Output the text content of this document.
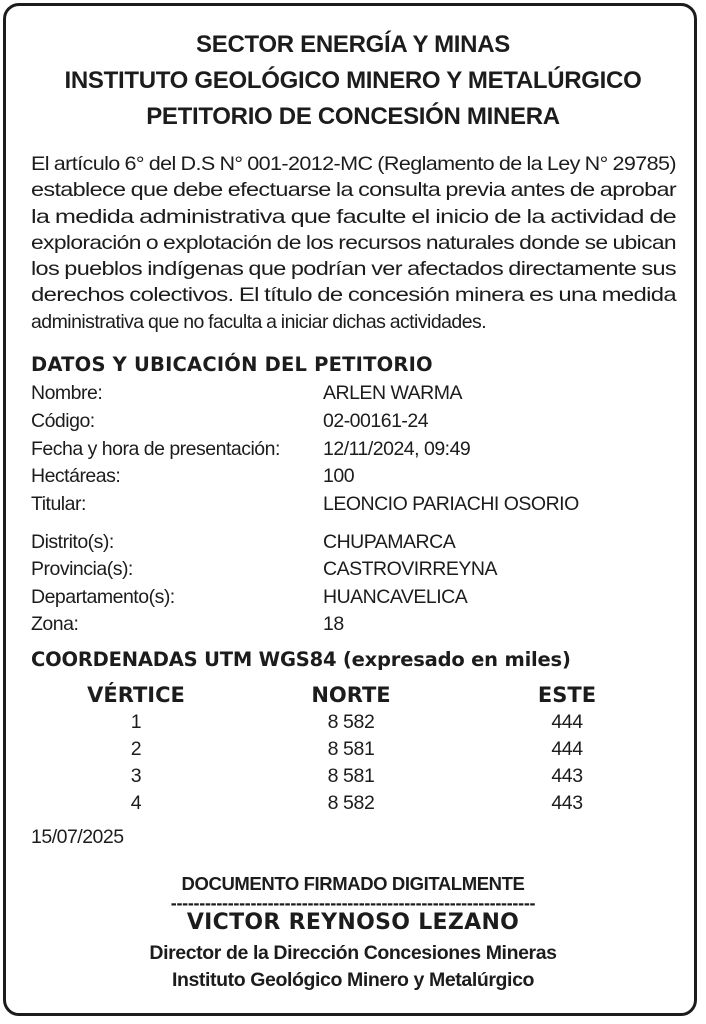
SECTOR ENERGÍA Y MINAS
INSTITUTO GEOLÓGICO MINERO Y METALÚRGICO
PETITORIO DE CONCESIÓN MINERA
El artículo 6° del D.S N° 001-2012-MC (Reglamento de la Ley N° 29785)
establece que debe efectuarse la consulta previa antes de aprobar
la medida administrativa que faculte el inicio de la actividad de
exploración o explotación de los recursos naturales donde se ubican
los pueblos indígenas que podrían ver afectados directamente sus
derechos colectivos. El título de concesión minera es una medida
administrativa que no faculta a iniciar dichas actividades.
DATOS Y UBICACIÓN DEL PETITORIO
Nombre:	ARLEN WARMA
Código:	02-00161-24
Fecha y hora de presentación: 12/11/2024, 09:49
Hectáreas:	100
Titular:	LEONCIO PARIACHI OSORIO
Distrito(s):	CHUPAMARCA
Provincia(s):	CASTROVIRREYNA
Departamento(s):	HUANCAVELICA
Zona:	18
COORDENADAS UTM WGS84 (expresado en miles)
VÉRTICE	NORTE	ESTE
1	8 582	444
2	8 581	444
3	8 581	443
4	8 582	443
15/07/2025
DOCUMENTO FIRMADO DIGITALMENTE
----------------------------------------------------------------
VICTOR REYNOSO LEZANO
Director de la Dirección Concesiones Mineras
Instituto Geológico Minero y Metalúrgico
